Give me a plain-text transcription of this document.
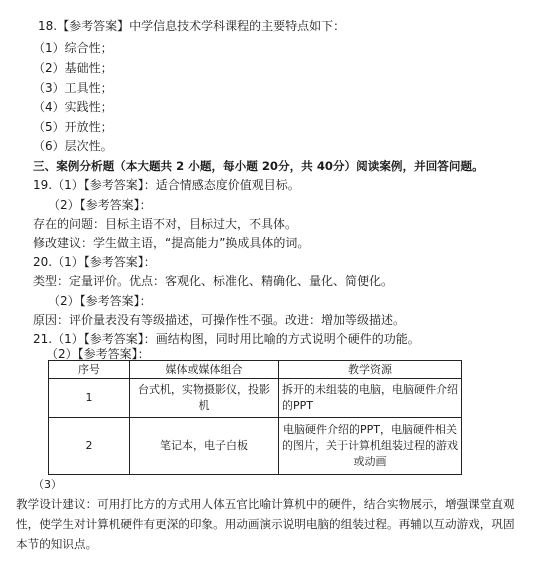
18.【参考答案】中学信息技术学科课程的主要特点如下：
（1）综合性；
（2）基础性；
（3）工具性；
（4）实践性；
（5）开放性；
（6）层次性。
三、案例分析题（本大题共 2 小题，每小题 20分，共 40分）阅读案例，并回答问题。
19.（1）【参考答案】：适合情感态度价值观目标。
（2）【参考答案】：
存在的问题：目标主语不对，目标过大，不具体。
修改建议：学生做主语，“提高能力”换成具体的词。
20.（1）【参考答案】：
类型：定量评价。优点：客观化、标准化、精确化、量化、简便化。
（2）【参考答案】：
原因：评价量表没有等级描述，可操作性不强。改进：增加等级描述。
21.（1）【参考答案】：画结构图，同时用比喻的方式说明个硬件的功能。
（2）【参考答案】：
序号	媒体或媒体组合	教学资源
1	台式机，实物摄影仪，投影机	拆开的未组装的电脑，电脑硬件介绍的PPT
2	笔记本，电子白板	电脑硬件介绍的PPT，电脑硬件相关的图片，关于计算机组装过程的游戏或动画
（3）
教学设计建议：可用打比方的方式用人体五官比喻计算机中的硬件，结合实物展示，增强课堂直观性，使学生对计算机硬件有更深的印象。用动画演示说明电脑的组装过程。再辅以互动游戏，巩固本节的知识点。
